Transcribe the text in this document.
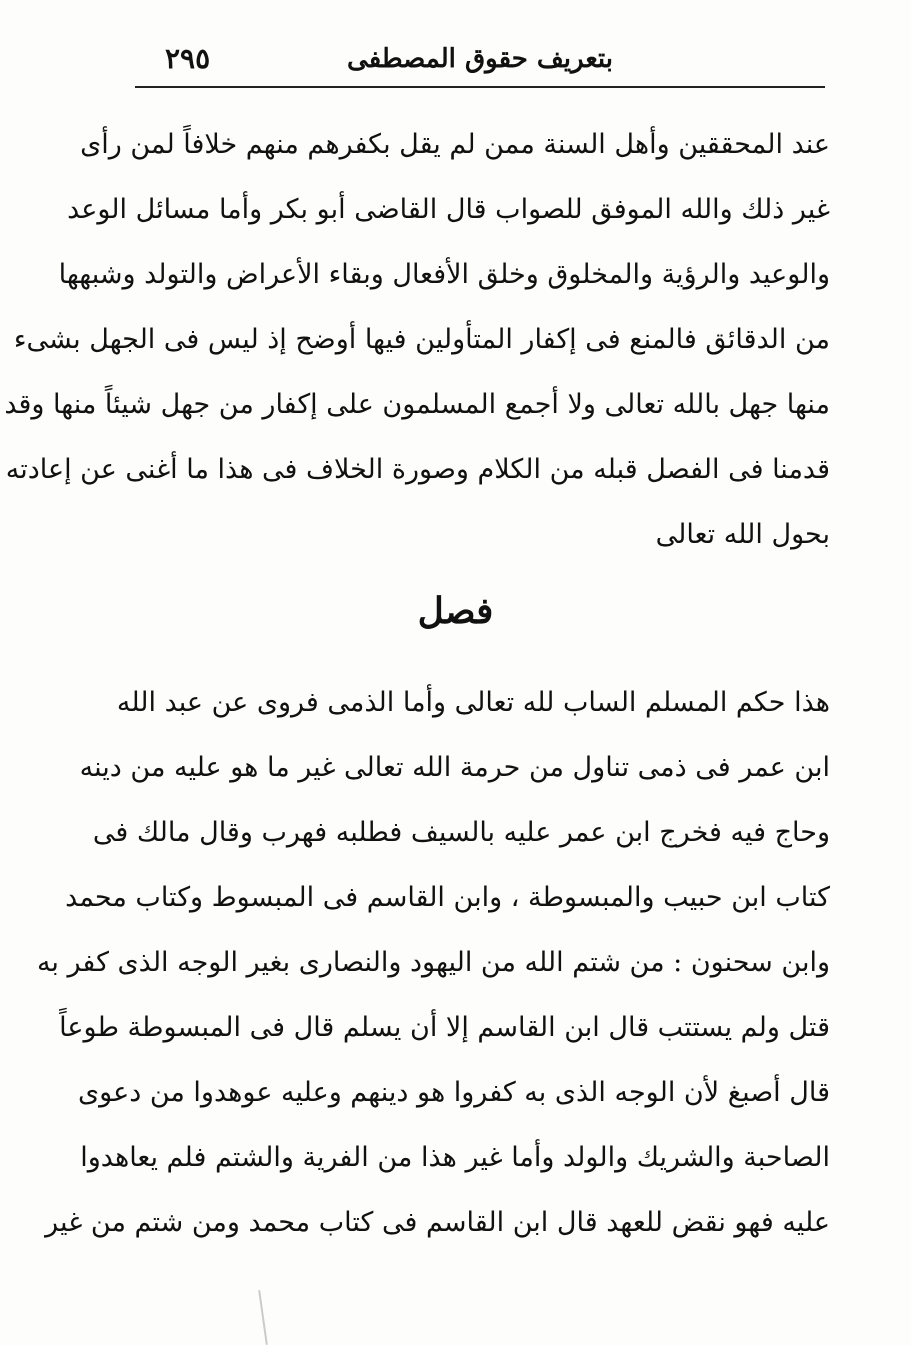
بتعريف حقوق المصطفى
٢٩٥
عند المحققين وأهل السنة ممن لم يقل بكفرهم منهم خلافاً لمن رأى
غير ذلك والله الموفق للصواب قال القاضى أبو بكر وأما مسائل الوعد
والوعيد والرؤية والمخلوق وخلق الأفعال وبقاء الأعراض والتولد وشبهها
من الدقائق فالمنع فى إكفار المتأولين فيها أوضح إذ ليس فى الجهل بشىء
منها جهل بالله تعالى ولا أجمع المسلمون على إكفار من جهل شيئاً منها وقد
قدمنا فى الفصل قبله من الكلام وصورة الخلاف فى هذا ما أغنى عن إعادته
بحول الله تعالى
فصل
هذا حكم المسلم الساب لله تعالى وأما الذمى فروى عن عبد الله
ابن عمر فى ذمى تناول من حرمة الله تعالى غير ما هو عليه من دينه
وحاج فيه فخرج ابن عمر عليه بالسيف فطلبه فهرب وقال مالك فى
كتاب ابن حبيب والمبسوطة ، وابن القاسم فى المبسوط وكتاب محمد
وابن سحنون : من شتم الله من اليهود والنصارى بغير الوجه الذى كفر به
قتل ولم يستتب قال ابن القاسم إلا أن يسلم قال فى المبسوطة طوعاً
قال أصبغ لأن الوجه الذى به كفروا هو دينهم وعليه عوهدوا من دعوى
الصاحبة والشريك والولد وأما غير هذا من الفرية والشتم فلم يعاهدوا
عليه فهو نقض للعهد قال ابن القاسم فى كتاب محمد ومن شتم من غير
